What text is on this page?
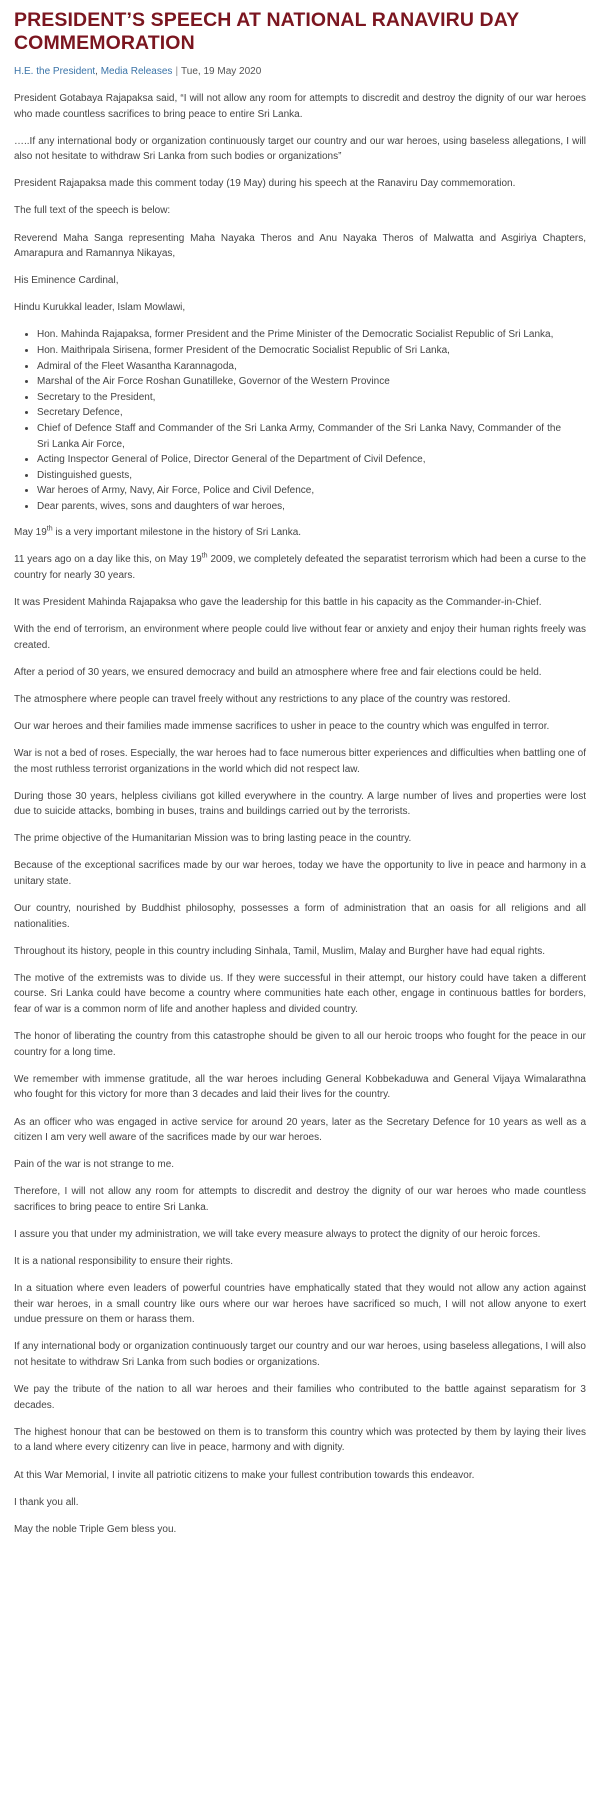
PRESIDENT’S SPEECH AT NATIONAL RANAVIRU DAY COMMEMORATION
H.E. the President, Media Releases | Tue, 19 May 2020

President Gotabaya Rajapaksa said, “I will not allow any room for attempts to discredit and destroy the dignity of our war heroes who made countless sacrifices to bring peace to entire Sri Lanka.

…..If any international body or organization continuously target our country and our war heroes, using baseless allegations, I will also not hesitate to withdraw Sri Lanka from such bodies or organizations”

President Rajapaksa made this comment today (19 May) during his speech at the Ranaviru Day commemoration.

The full text of the speech is below:

Reverend Maha Sanga representing Maha Nayaka Theros and Anu Nayaka Theros of Malwatta and Asgiriya Chapters, Amarapura and Ramannya Nikayas,

His Eminence Cardinal,

Hindu Kurukkal leader, Islam Mowlawi,

• Hon. Mahinda Rajapaksa, former President and the Prime Minister of the Democratic Socialist Republic of Sri Lanka,
• Hon. Maithripala Sirisena, former President of the Democratic Socialist Republic of Sri Lanka,
• Admiral of the Fleet Wasantha Karannagoda,
• Marshal of the Air Force Roshan Gunatilleke, Governor of the Western Province
• Secretary to the President,
• Secretary Defence,
• Chief of Defence Staff and Commander of the Sri Lanka Army, Commander of the Sri Lanka Navy, Commander of the Sri Lanka Air Force,
• Acting Inspector General of Police, Director General of the Department of Civil Defence,
• Distinguished guests,
• War heroes of Army, Navy, Air Force, Police and Civil Defence,
• Dear parents, wives, sons and daughters of war heroes,

May 19th is a very important milestone in the history of Sri Lanka.

11 years ago on a day like this, on May 19th 2009, we completely defeated the separatist terrorism which had been a curse to the country for nearly 30 years.

It was President Mahinda Rajapaksa who gave the leadership for this battle in his capacity as the Commander-in-Chief.

With the end of terrorism, an environment where people could live without fear or anxiety and enjoy their human rights freely was created.

After a period of 30 years, we ensured democracy and build an atmosphere where free and fair elections could be held.

The atmosphere where people can travel freely without any restrictions to any place of the country was restored.

Our war heroes and their families made immense sacrifices to usher in peace to the country which was engulfed in terror.

War is not a bed of roses. Especially, the war heroes had to face numerous bitter experiences and difficulties when battling one of the most ruthless terrorist organizations in the world which did not respect law.

During those 30 years, helpless civilians got killed everywhere in the country. A large number of lives and properties were lost due to suicide attacks, bombing in buses, trains and buildings carried out by the terrorists.

The prime objective of the Humanitarian Mission was to bring lasting peace in the country.

Because of the exceptional sacrifices made by our war heroes, today we have the opportunity to live in peace and harmony in a unitary state.

Our country, nourished by Buddhist philosophy, possesses a form of administration that an oasis for all religions and all nationalities.

Throughout its history, people in this country including Sinhala, Tamil, Muslim, Malay and Burgher have had equal rights.

The motive of the extremists was to divide us. If they were successful in their attempt, our history could have taken a different course. Sri Lanka could have become a country where communities hate each other, engage in continuous battles for borders, fear of war is a common norm of life and another hapless and divided country.

The honor of liberating the country from this catastrophe should be given to all our heroic troops who fought for the peace in our country for a long time.

We remember with immense gratitude, all the war heroes including General Kobbekaduwa and General Vijaya Wimalarathna who fought for this victory for more than 3 decades and laid their lives for the country.

As an officer who was engaged in active service for around 20 years, later as the Secretary Defence for 10 years as well as a citizen I am very well aware of the sacrifices made by our war heroes.

Pain of the war is not strange to me.

Therefore, I will not allow any room for attempts to discredit and destroy the dignity of our war heroes who made countless sacrifices to bring peace to entire Sri Lanka.

I assure you that under my administration, we will take every measure always to protect the dignity of our heroic forces.

It is a national responsibility to ensure their rights.

In a situation where even leaders of powerful countries have emphatically stated that they would not allow any action against their war heroes, in a small country like ours where our war heroes have sacrificed so much, I will not allow anyone to exert undue pressure on them or harass them.

If any international body or organization continuously target our country and our war heroes, using baseless allegations, I will also not hesitate to withdraw Sri Lanka from such bodies or organizations.

We pay the tribute of the nation to all war heroes and their families who contributed to the battle against separatism for 3 decades.

The highest honour that can be bestowed on them is to transform this country which was protected by them by laying their lives to a land where every citizenry can live in peace, harmony and with dignity.

At this War Memorial, I invite all patriotic citizens to make your fullest contribution towards this endeavor.

I thank you all.

May the noble Triple Gem bless you.
